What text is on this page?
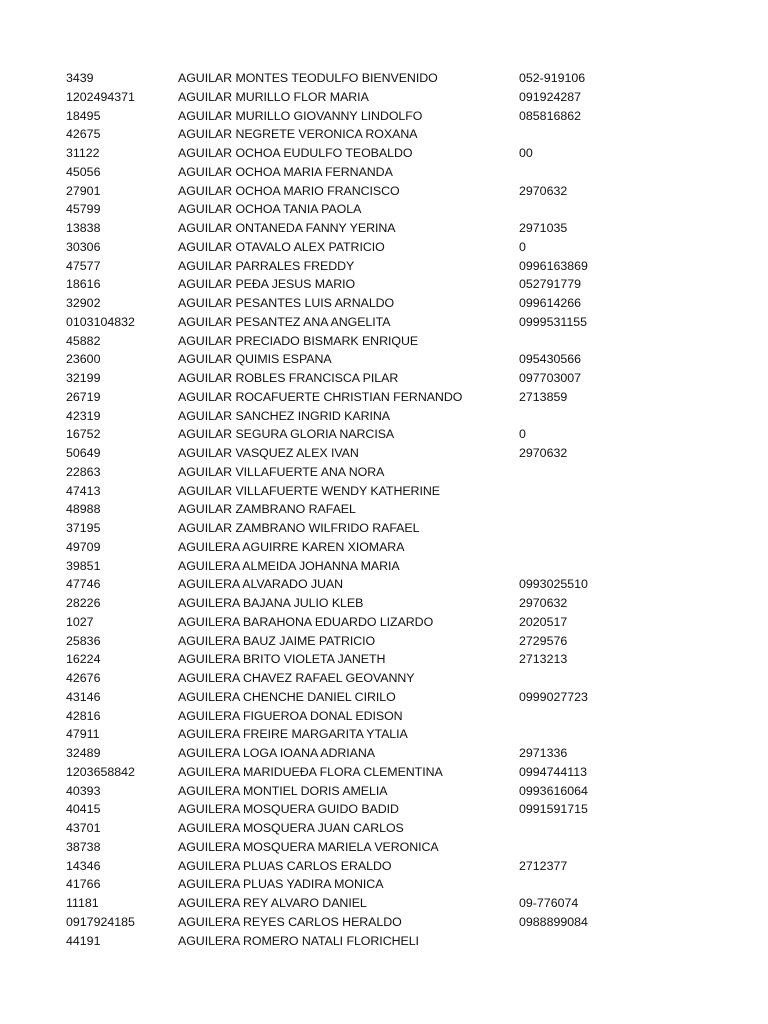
3439	AGUILAR MONTES TEODULFO BIENVENIDO	052-919106
1202494371	AGUILAR MURILLO FLOR MARIA	091924287
18495	AGUILAR MURILLO GIOVANNY LINDOLFO	085816862
42675	AGUILAR NEGRETE VERONICA ROXANA
31122	AGUILAR OCHOA EUDULFO TEOBALDO	00
45056	AGUILAR OCHOA MARIA FERNANDA
27901	AGUILAR OCHOA MARIO FRANCISCO	2970632
45799	AGUILAR OCHOA TANIA PAOLA
13838	AGUILAR ONTANEDA FANNY YERINA	2971035
30306	AGUILAR OTAVALO ALEX PATRICIO	0
47577	AGUILAR PARRALES FREDDY	0996163869
18616	AGUILAR PEĐA JESUS MARIO	052791779
32902	AGUILAR PESANTES LUIS ARNALDO	099614266
0103104832	AGUILAR PESANTEZ ANA ANGELITA	0999531155
45882	AGUILAR PRECIADO BISMARK ENRIQUE
23600	AGUILAR QUIMIS ESPANA	095430566
32199	AGUILAR ROBLES FRANCISCA PILAR	097703007
26719	AGUILAR ROCAFUERTE CHRISTIAN FERNANDO	2713859
42319	AGUILAR SANCHEZ INGRID KARINA
16752	AGUILAR SEGURA GLORIA NARCISA	0
50649	AGUILAR VASQUEZ ALEX IVAN	2970632
22863	AGUILAR VILLAFUERTE ANA NORA
47413	AGUILAR VILLAFUERTE WENDY KATHERINE
48988	AGUILAR ZAMBRANO RAFAEL
37195	AGUILAR ZAMBRANO WILFRIDO RAFAEL
49709	AGUILERA AGUIRRE KAREN XIOMARA
39851	AGUILERA ALMEIDA JOHANNA MARIA
47746	AGUILERA ALVARADO JUAN	0993025510
28226	AGUILERA BAJANA JULIO KLEB	2970632
1027	AGUILERA BARAHONA EDUARDO LIZARDO	2020517
25836	AGUILERA BAUZ JAIME PATRICIO	2729576
16224	AGUILERA BRITO VIOLETA JANETH	2713213
42676	AGUILERA CHAVEZ RAFAEL GEOVANNY
43146	AGUILERA CHENCHE DANIEL CIRILO	0999027723
42816	AGUILERA FIGUEROA DONAL EDISON
47911	AGUILERA FREIRE MARGARITA YTALIA
32489	AGUILERA LOGA IOANA ADRIANA	2971336
1203658842	AGUILERA MARIDUEĐA FLORA CLEMENTINA	0994744113
40393	AGUILERA MONTIEL DORIS AMELIA	0993616064
40415	AGUILERA MOSQUERA GUIDO BADID	0991591715
43701	AGUILERA MOSQUERA JUAN CARLOS
38738	AGUILERA MOSQUERA MARIELA VERONICA
14346	AGUILERA PLUAS CARLOS ERALDO	2712377
41766	AGUILERA PLUAS YADIRA MONICA
11181	AGUILERA REY ALVARO DANIEL	09-776074
0917924185	AGUILERA REYES CARLOS HERALDO	0988899084
44191	AGUILERA ROMERO NATALI FLORICHELI
